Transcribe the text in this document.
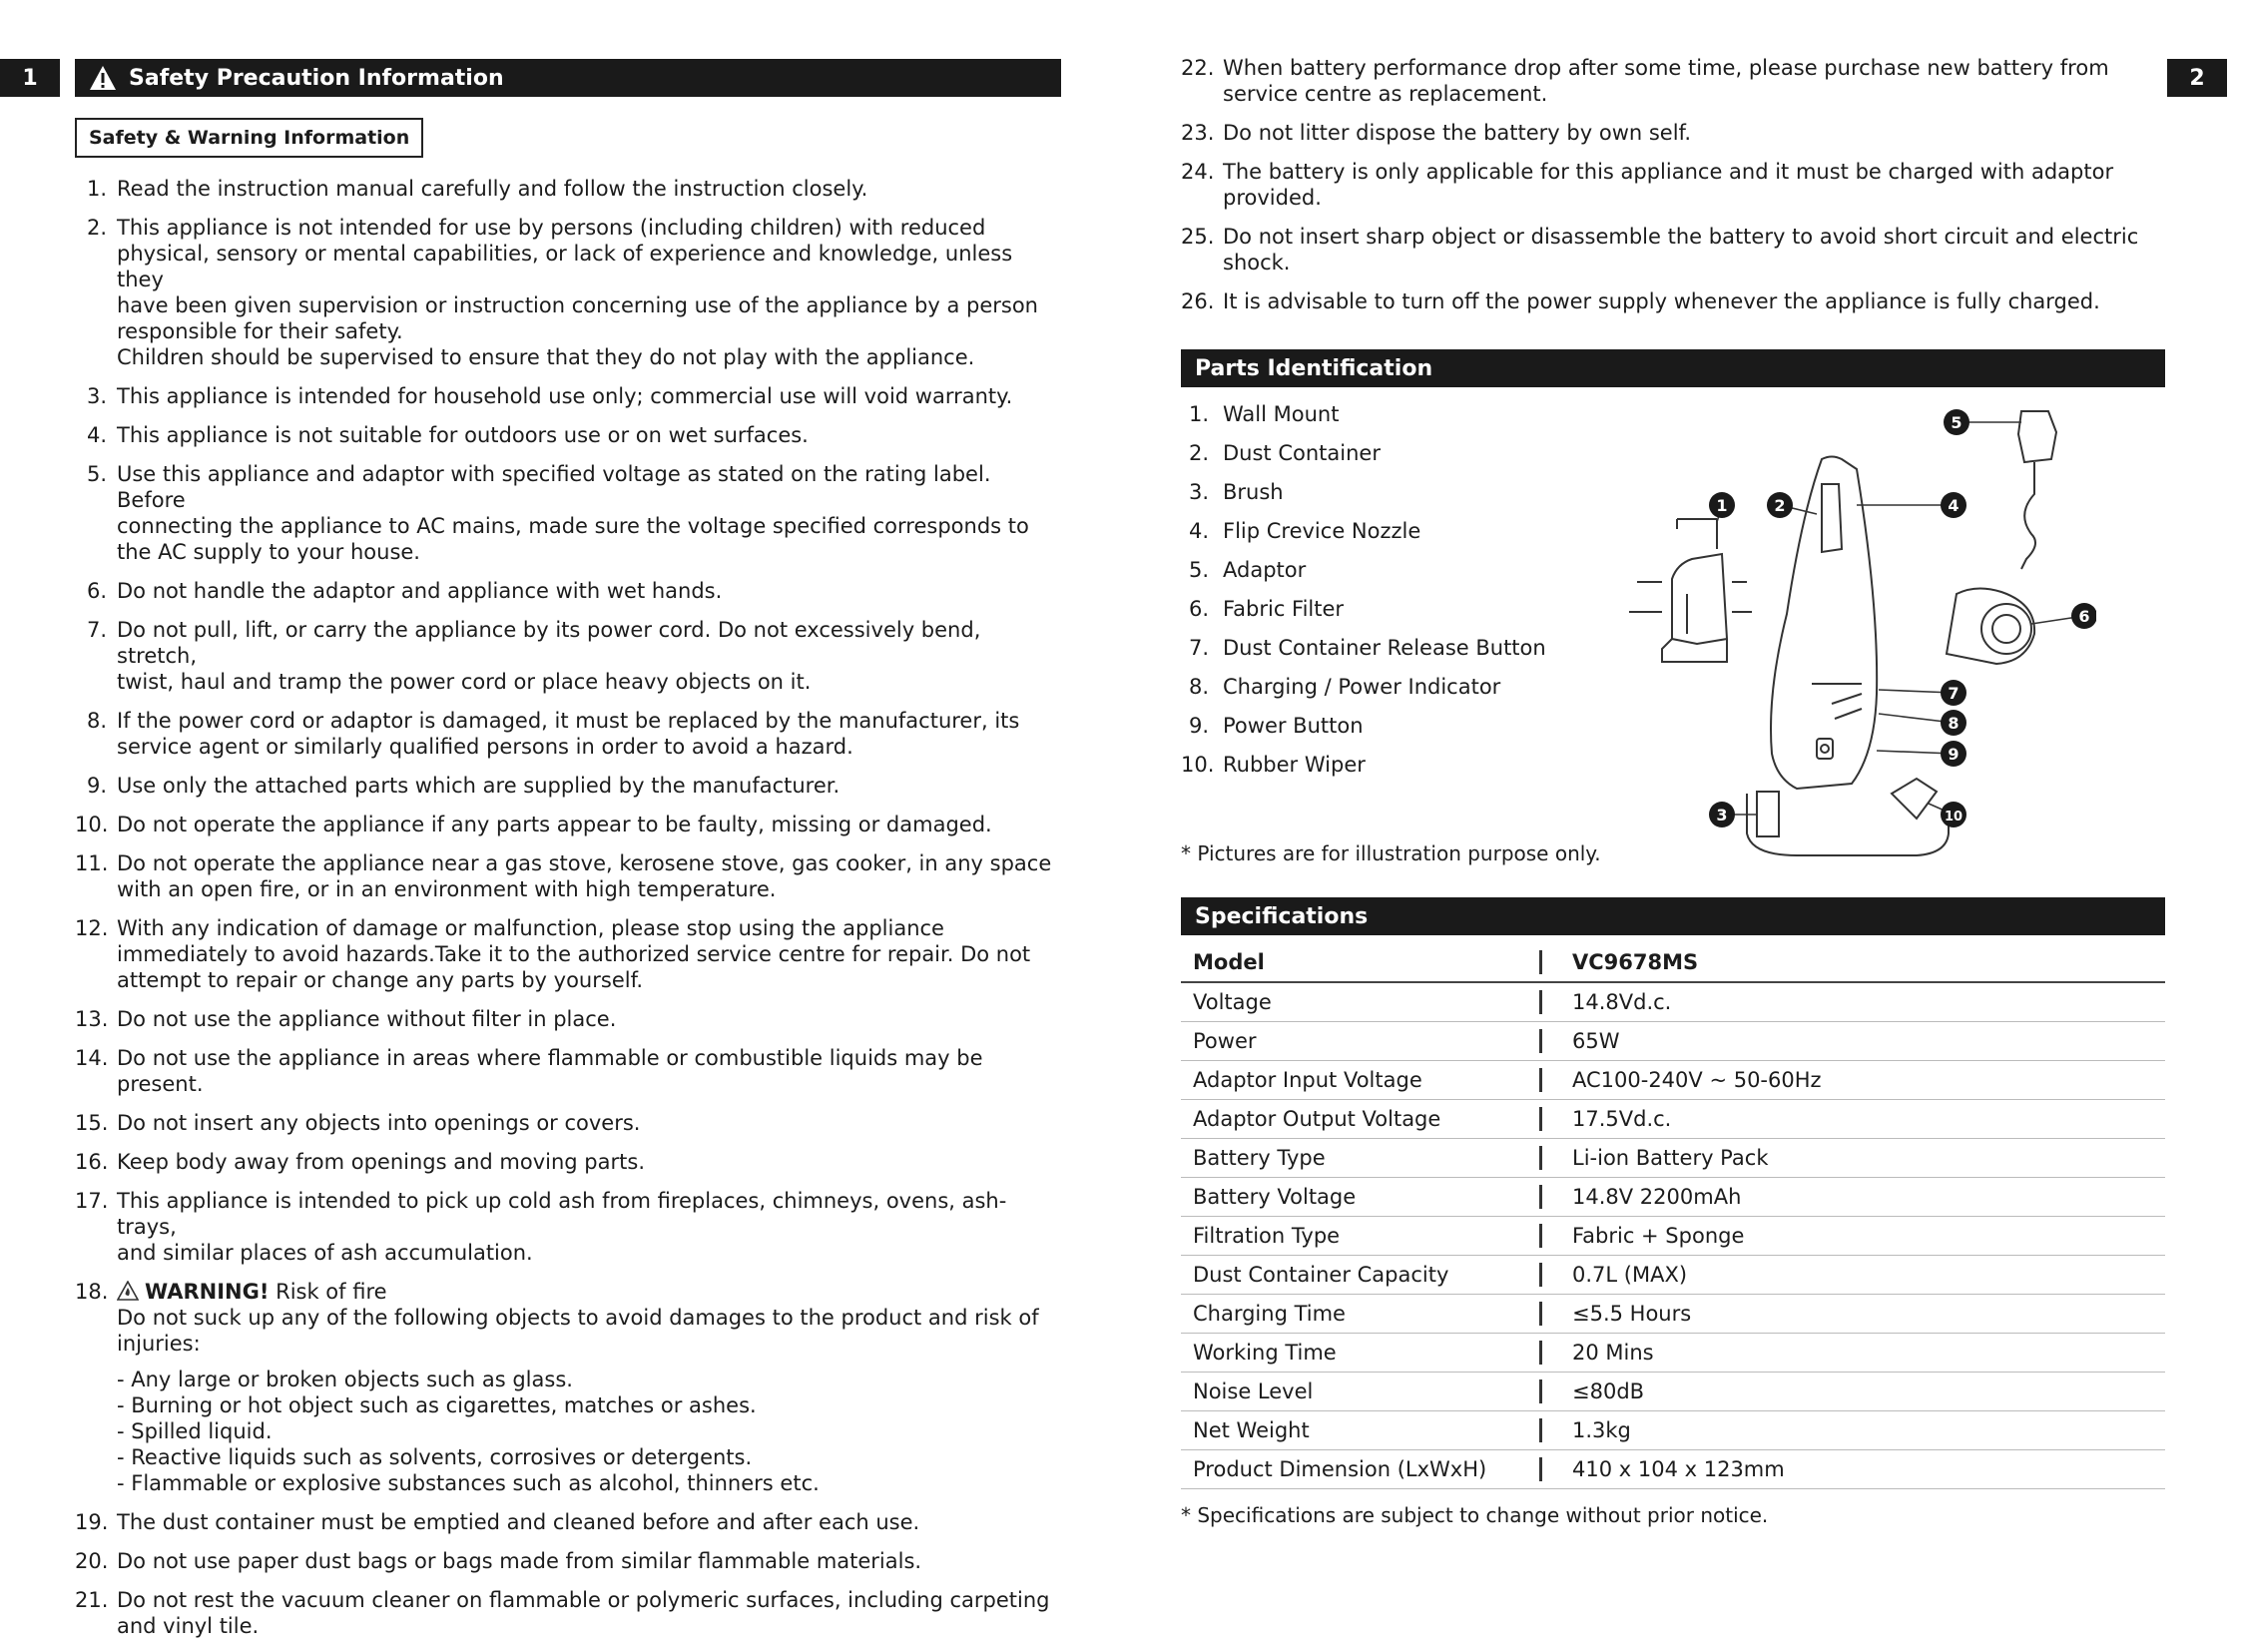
1	Safety Precaution Information
Safety & Warning Information
1. Read the instruction manual carefully and follow the instruction closely.
2. This appliance is not intended for use by persons (including children) with reduced
physical, sensory or mental capabilities, or lack of experience and knowledge, unless they
have been given supervision or instruction concerning use of the appliance by a person
responsible for their safety.
Children should be supervised to ensure that they do not play with the appliance.
3. This appliance is intended for household use only; commercial use will void warranty.
4. This appliance is not suitable for outdoors use or on wet surfaces.
5. Use this appliance and adaptor with specified voltage as stated on the rating label. Before
connecting the appliance to AC mains, made sure the voltage specified corresponds to
the AC supply to your house.
6. Do not handle the adaptor and appliance with wet hands.
7. Do not pull, lift, or carry the appliance by its power cord. Do not excessively bend, stretch,
twist, haul and tramp the power cord or place heavy objects on it.
8. If the power cord or adaptor is damaged, it must be replaced by the manufacturer, its
service agent or similarly qualified persons in order to avoid a hazard.
9. Use only the attached parts which are supplied by the manufacturer.
10. Do not operate the appliance if any parts appear to be faulty, missing or damaged.
11. Do not operate the appliance near a gas stove, kerosene stove, gas cooker, in any space
with an open fire, or in an environment with high temperature.
12. With any indication of damage or malfunction, please stop using the appliance
immediately to avoid hazards.Take it to the authorized service centre for repair. Do not
attempt to repair or change any parts by yourself.
13. Do not use the appliance without filter in place.
14. Do not use the appliance in areas where flammable or combustible liquids may be
present.
15. Do not insert any objects into openings or covers.
16. Keep body away from openings and moving parts.
17. This appliance is intended to pick up cold ash from fireplaces, chimneys, ovens, ash-trays,
and similar places of ash accumulation.
18.	WARNING! Risk of fire
Do not suck up any of the following objects to avoid damages to the product and risk of
injuries:
- Any large or broken objects such as glass.
- Burning or hot object such as cigarettes, matches or ashes.
- Spilled liquid.
- Reactive liquids such as solvents, corrosives or detergents.
- Flammable or explosive substances such as alcohol, thinners etc.
19. The dust container must be emptied and cleaned before and after each use.
20. Do not use paper dust bags or bags made from similar flammable materials.
21. Do not rest the vacuum cleaner on flammable or polymeric surfaces, including carpeting
and vinyl tile.
2
22. When battery performance drop after some time, please purchase new battery from
service centre as replacement.
23. Do not litter dispose the battery by own self.
24. The battery is only applicable for this appliance and it must be charged with adaptor
provided.
25. Do not insert sharp object or disassemble the battery to avoid short circuit and electric
shock.
26. It is advisable to turn off the power supply whenever the appliance is fully charged.
Parts Identification
1. Wall Mount
2. Dust Container
3. Brush
4. Flip Crevice Nozzle
5. Adaptor
6. Fabric Filter
7. Dust Container Release Button
8. Charging / Power Indicator
9. Power Button
10. Rubber Wiper
* Pictures are for illustration purpose only.
1	2
3
4
5
6
7
8
9
10
Specifications
Model		VC9678MS
Voltage		14.8Vd.c.
Power		65W
Adaptor Input Voltage		AC100-240V ~ 50-60Hz
Adaptor Output Voltage		17.5Vd.c.
Battery Type		Li-ion Battery Pack
Battery Voltage		14.8V 2200mAh
Filtration Type		Fabric + Sponge
Dust Container Capacity		0.7L (MAX)
Charging Time		≤5.5 Hours
Working Time		20 Mins
Noise Level		≤80dB
Net Weight		1.3kg
Product Dimension (LxWxH)		410 x 104 x 123mm
* Specifications are subject to change without prior notice.
